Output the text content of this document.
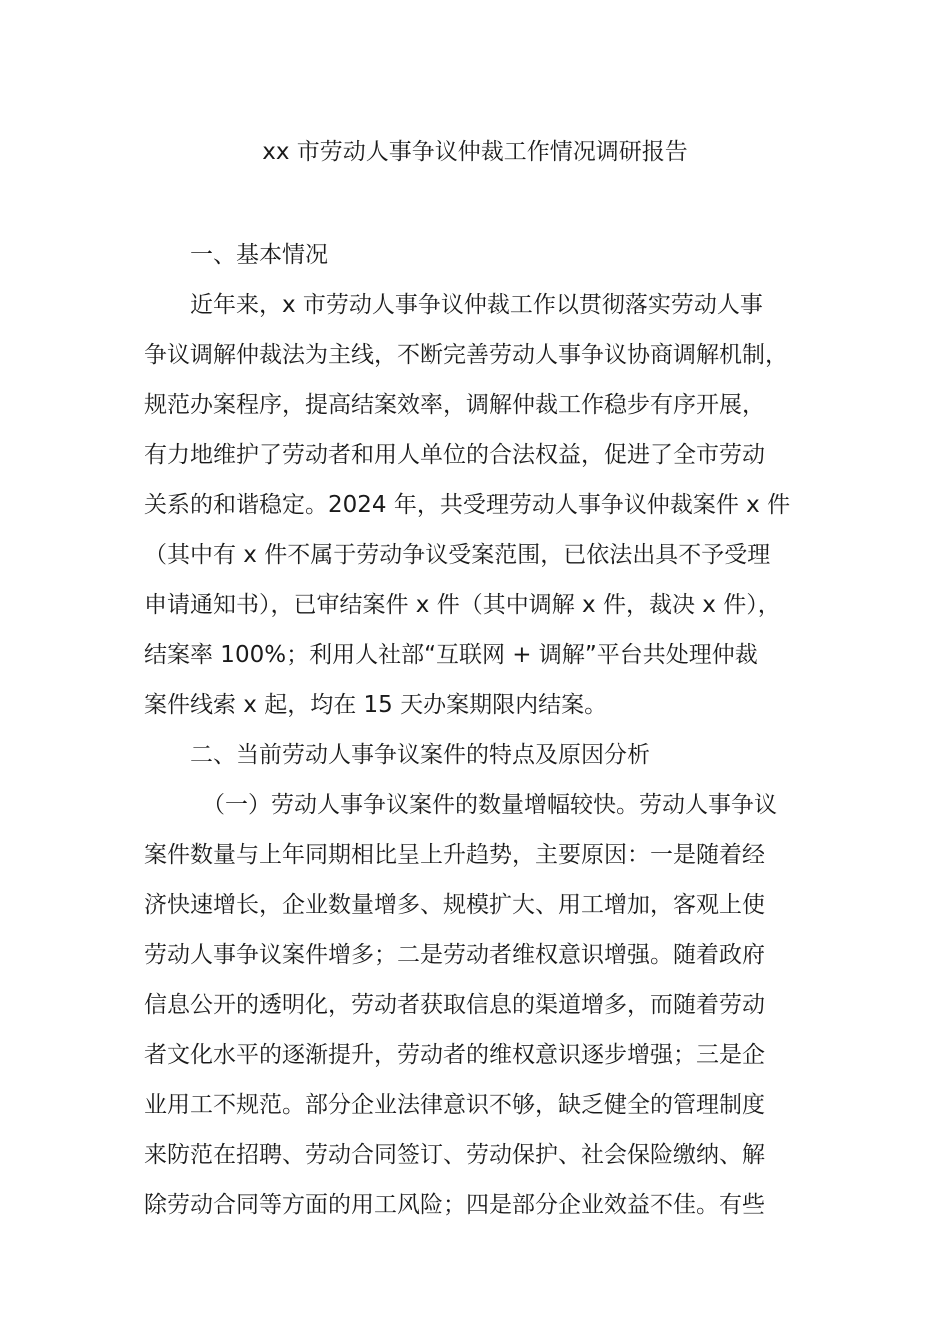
xx 市劳动人事争议仲裁工作情况调研报告
一、基本情况
近年来，x 市劳动人事争议仲裁工作以贯彻落实劳动人事
争议调解仲裁法为主线，不断完善劳动人事争议协商调解机制，
规范办案程序，提高结案效率，调解仲裁工作稳步有序开展，
有力地维护了劳动者和用人单位的合法权益，促进了全市劳动
关系的和谐稳定。2024 年，共受理劳动人事争议仲裁案件 x 件
（其中有 x 件不属于劳动争议受案范围，已依法出具不予受理
申请通知书），已审结案件 x 件（其中调解 x 件，裁决 x 件），
结案率 100%；利用人社部“互联网 + 调解”平台共处理仲裁
案件线索 x 起，均在 15 天办案期限内结案。
二、当前劳动人事争议案件的特点及原因分析
（一）劳动人事争议案件的数量增幅较快。劳动人事争议
案件数量与上年同期相比呈上升趋势，主要原因：一是随着经
济快速增长，企业数量增多、规模扩大、用工增加，客观上使
劳动人事争议案件增多；二是劳动者维权意识增强。随着政府
信息公开的透明化，劳动者获取信息的渠道增多，而随着劳动
者文化水平的逐渐提升，劳动者的维权意识逐步增强；三是企
业用工不规范。部分企业法律意识不够，缺乏健全的管理制度
来防范在招聘、劳动合同签订、劳动保护、社会保险缴纳、解
除劳动合同等方面的用工风险；四是部分企业效益不佳。有些
